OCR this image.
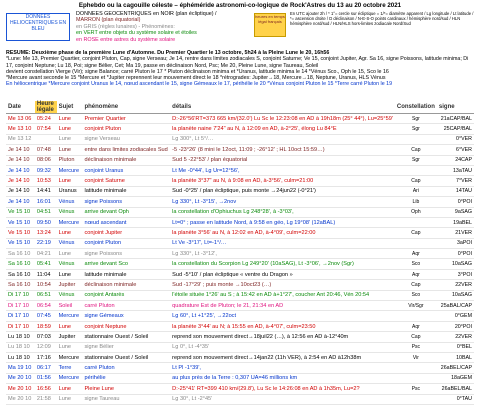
Ephebdo ou la cagouille céleste – éphéméride astronomi-co-logique de Rock'Astres du 13 au 20 octobre 2021
DONNEES HELIOCENTRIQUES EN BLEU
DONNEES GEOCENTRIQUES en NOIR (plan écliptique) /
MARRON (plan équatorial)
en GRIS (règles lunaires) - Phénomènes:
en VERT entre objets du système solaire et étoiles
en ROSE entre astres du système solaire
heures en temps légal français
En UTC ajouter 2h / * 1°= cercle sur écliptique = 1/*= diamètre apparent / Lg longitude / Lt latitude / *= ascension droite / D déclinaison / N-E-S-O points cardinaux / hémisphère nord/sud / HLN hémisphère nord/sud / HLN/HLS hors-limites zodiacale Nord/Sud
RESUME: Deuxième phase de la première Lune d'Automne. Du Premier Quartier le 13 octobre, 5h24 à la Pleine Lune le 20, 16h56
*Lune: Me 13, Premier Quartier, conjoint Pluton, Cap, signe Verseau; Je 14, rentre dans limites zodiacales S, conjoint Saturne; Ve 15, conjoint Jupiter, Agr. Sa 16, signe Poissons, latitude minima; Di 17, conjoint Neptune; Lu 18, Poi; signe Bélier, Cet; Ma 19, passe en déclinaison Nord, Psc; Me 20, Pleine Lune, signe Taureau, Soleil
devient constellation Vierge (Vir); signe Balance; carré Pluton le 17 * Pluton déclinaison minima et *Uranus, latitude minima le 14 *Vénus Sco., Oph le 15, Sco le 16
*Mercure avant seconde le 15 *Mercure et *Jupiter reprennent leur mouvement direct le 18 *rétrogrades: Jupiter→18, Mercure→18, Neptune, Uranus, HLS Vénus
En héliocentrique *Mercure conjoint Uranus le 14, nœud ascendant le 15, signe Gémeaux le 17, périhélie le 20 *Vénus conjoint Pluton le 15 *Terre carré Pluton le 19
Date	Heure légale	Sujet	phénomène	détails	Constellation	signe
Me 13 06	05:24	Lune	Premier Quartier	D:-26°56'RT=373 665 km/(32.0') Lu Sc le 12:23:08 en AD à 19h18m (25° 44°), Lu=25°59'	Sgr	21aCAP/BAL
Me 13 10	07:54	Lune	conjoint Pluton	la planète naine 7'24" au N, à 12:09 en AD, à-2°25', élong Lu 84°E	Sgr	25CAP/BAL
Me 13 12		Lune	signe Verseau	Lg 300°, Lt 5°/…		0°VER
Je 14 10	07:48	Lune	entre dans limites zodiacales Sud	-5 -23°26' (8 mini le 12oct, 11:09 ; -26°12' ; HL 10oct 15:59…)	Cap	6°VER
Je 14 10	08:06	Pluton	déclinaison minimale	Sud 5 -22°53' / plan équatorial	Sgr	24CAP
Je 14 10	09:32	Mercure	conjoint Uranus	Lt Me -0°44', Lg Ur=12°56',		13aTAU
Je 14 10	10:53	Lune	conjoint Saturne	la planète 3°37" au N, à 9:08 en AD, à-3°56', culm=21:00	Cap	7°VER
Je 14 10	14:41	Uranus	latitude minimale	Sud -0°25' / plan écliptique, puis monte →24jun22 (-0°21')	Ari	14TAU
Je 14 10	16:01	Vénus	signe Poissons	Lg 330°, Lt -3°15', →2nov	Lib	0°POI
Ve 15 10	04:51	Vénus	arrive devant Oph	la constellation d'Ophiuchus Lg 248°28', à -3°03',	Oph	9aSAG
Ve 15 10	09:50	Mercure	nœud ascendant	Lt=0° ; passe en latitude Nord, à 9:58 en géo, Lg 19°08' (12aBAL)		19aBEL
Ve 15 10	13:24	Lune	conjoint Jupiter	la planète 3°56' au N, à 12:02 en AD, à-4°09', culm=22:00	Cap	21VER
Ve 15 10	22:19	Vénus	conjoint Pluton	Lt Ve -3°17', Lt=-1°/…		3aPOI
Sa 16 10	04:21	Lune	signe Poissons	Lg 330°, Lt -3°12',	Aqr	0°POI
Sa 16 10	05:41	Vénus	arrive devant Sco	la constellation du Scorpion Lg 249°20' (10aSAG), Lt -3°06', →2nov (Sgr)	Sco	10aSAG
Sa 16 10	11:04	Lune	latitude minimale	Sud -5°10' / plan écliptique « ventre du Dragon »	Aqr	3°POI
Sa 16 10	10:54	Jupiter	déclinaison minimale	Sud -17°29' ; puis monte →10oct23 (…)	Cap	22VER
Di 17 10	06:51	Vénus	conjoint Antarès	l'étoile située 1°26' au S ; à 15:42 en AD à+1°27', coucher Ant 20:46, Vén 20:54	Sco	10aSAG
Di 17 10	06:54	Soleil	carré Pluton	quadrature Est de Pluton; le 21, 21:34 en AD	Vir/Sgr	25aBAL/CAP
Di 17 10	07:45	Mercure	signe Gémeaux	Lg 60°, Lt +1°25', →22oct		0°GEM
Di 17 10	18:59	Lune	conjoint Neptune	la planète 3°44' au N; à 15:55 en AD, à-4°07', culm=23:50	Aqr	20°POI
Lu 18 10	07:03	Jupiter	stationnaire Ouest / Soleil	reprend son mouvement direct→18juil22 (…), à 12:56 en AD à-12°40m	Cap	22VER
Lu 18 10	12:09	Lune	signe Bélier	Lg 0°, Lt -4°35'	Psc	0°BEL
Lu 18 10	17:16	Mercure	stationnaire Ouest / Soleil	reprend son mouvement direct→14jan22 (11h VER), à 2:54 en AD à12h38m	Vir	10BAL
Ma 19 10	06:17	Terre	carré Pluton	Lt Pl -1°39',		26aBEL/CAP
Me 20 10	01:56	Mercure	périhélie	au plus près de la Terre : 0,307 UA=46 millions km		18aGEM
Me 20 10	16:56	Lune	Pleine Lune	D:-25°41' RT=399 410 km/(29.8'), Lu Sc le 14:26:08 en AD à 1h35m, Lu=2?	Psc	26aBEL/BAL
Me 20 10	21:58	Lune	signe Taureau	Lg 30°, Lt -2°45'		0°TAU
